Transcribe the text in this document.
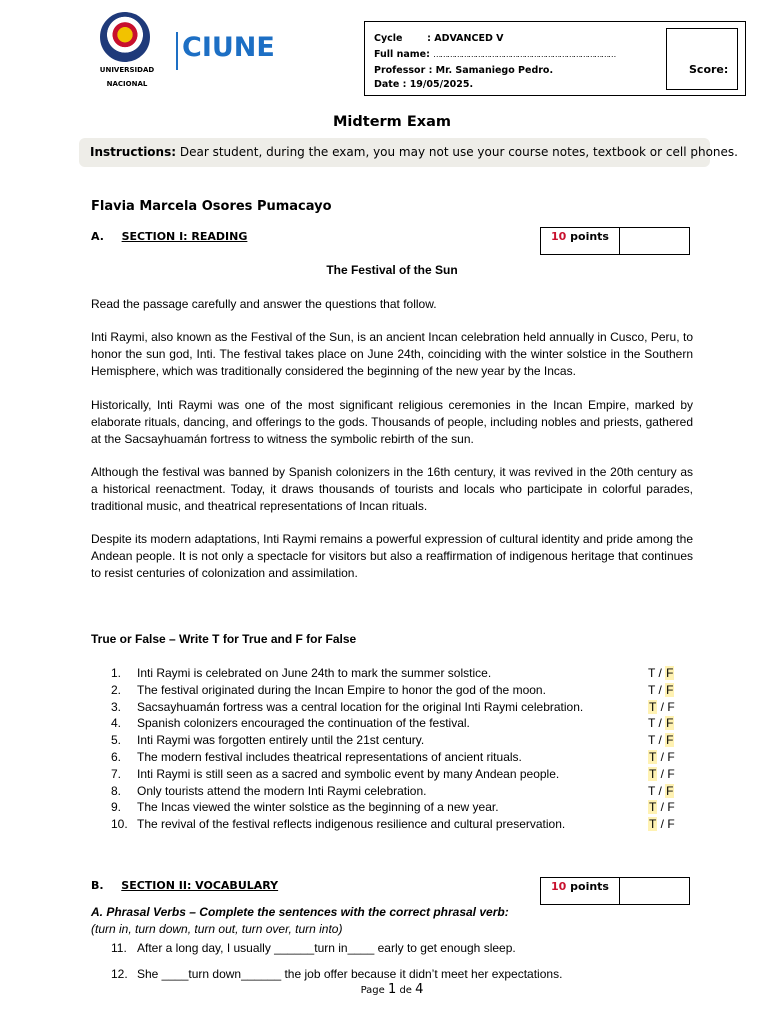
UNIVERSIDAD
NACIONAL
CIUNE	Cycle	: ADVANCED V
Full name: ……………………………………………………………………
Professor : Mr. Samaniego Pedro.
Date : 19/05/2025.
Score:
Midterm Exam
Instructions: Dear student, during the exam, you may not use your course notes, textbook or cell phones.
Flavia Marcela Osores Pumacayo
A. SECTION I: READING	10 points
The Festival of the Sun
Read the passage carefully and answer the questions that follow.
Inti Raymi, also known as the Festival of the Sun, is an ancient Incan celebration held annually in Cusco, Peru, to honor the sun god, Inti. The festival takes place on June 24th, coinciding with the winter solstice in the Southern Hemisphere, which was traditionally considered the beginning of the new year by the Incas.
Historically, Inti Raymi was one of the most significant religious ceremonies in the Incan Empire, marked by elaborate rituals, dancing, and offerings to the gods. Thousands of people, including nobles and priests, gathered at the Sacsayhuamán fortress to witness the symbolic rebirth of the sun.
Although the festival was banned by Spanish colonizers in the 16th century, it was revived in the 20th century as a historical reenactment. Today, it draws thousands of tourists and locals who participate in colorful parades, traditional music, and theatrical representations of Incan rituals.
Despite its modern adaptations, Inti Raymi remains a powerful expression of cultural identity and pride among the Andean people. It is not only a spectacle for visitors but also a reaffirmation of indigenous heritage that continues to resist centuries of colonization and assimilation.
True or False – Write T for True and F for False
1. Inti Raymi is celebrated on June 24th to mark the summer solstice.	T / F
2. The festival originated during the Incan Empire to honor the god of the moon.	T / F
3. Sacsayhuamán fortress was a central location for the original Inti Raymi celebration.	T / F
4. Spanish colonizers encouraged the continuation of the festival.	T / F
5. Inti Raymi was forgotten entirely until the 21st century.	T / F
6. The modern festival includes theatrical representations of ancient rituals.	T / F
7. Inti Raymi is still seen as a sacred and symbolic event by many Andean people.	T / F
8. Only tourists attend the modern Inti Raymi celebration.	T / F
9. The Incas viewed the winter solstice as the beginning of a new year.	T / F
10. The revival of the festival reflects indigenous resilience and cultural preservation.	T / F
B. SECTION II: VOCABULARY	10 points
A. Phrasal Verbs – Complete the sentences with the correct phrasal verb: (turn in, turn down, turn out, turn over, turn into)
11. After a long day, I usually ______turn in____ early to get enough sleep.
12. She ____turn down______ the job offer because it didn’t meet her expectations.
Page 1 de 4
